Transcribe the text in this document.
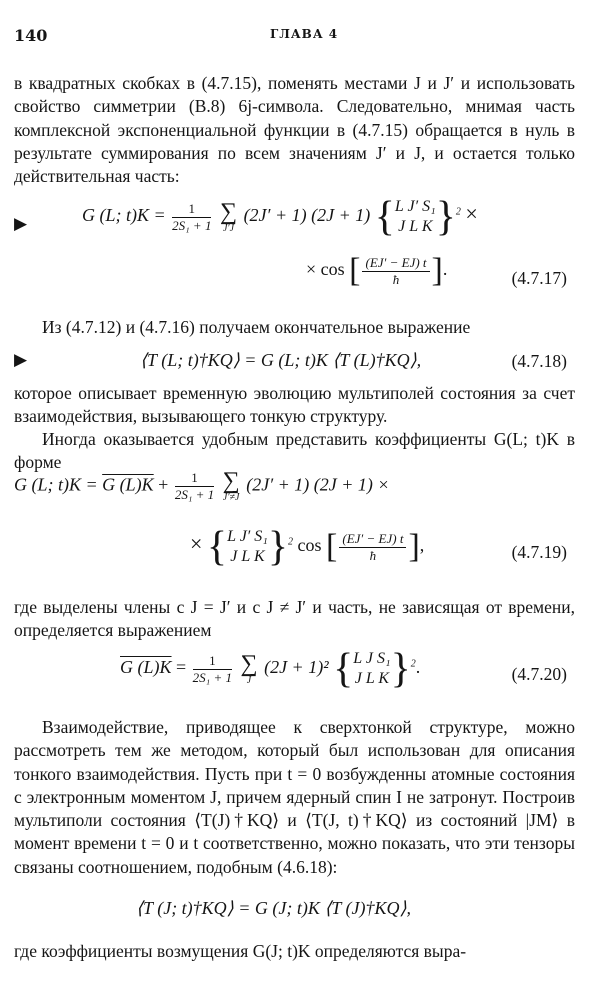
140	ГЛАВА 4

в квадратных скобках в (4.7.15), поменять местами J и J′ и использовать свойство симметрии (В.8) 6j-символа. Следовательно, мнимая часть комплексной экспоненциальной функции в (4.7.15) обращается в нуль в результате суммирования по всем значениям J′ и J, и остается только действительная часть:

▶	G (L; $t)K = \frac{1}{\text{2S₁ + 1}}$
∑
J′J
(2J′ + 1) (2J + 1) { L J′ S₁
J L K }$^2$ ×
× cos [ $\frac{(EJ' - EJ) t}{ħ}$ ].	(4.7.17)

Из (4.7.12) и (4.7.16) получаем окончательное выражение

▶	⟨T (L; t)†KQ⟩ = G (L; t)K ⟨T (L)†KQ⟩,	(4.7.18)

которое описывает временную эволюцию мультиполей состояния за счет взаимодействия, вызывающего тонкую структуру.

Иногда оказывается удобным представить коэффициенты G(L; t)K в форме

G (L; t)K = G $(L)K + \frac{1}{\text{2S₁ + 1}}$
∑
J′≠J
(2J′ + 1) (2J + 1) ×
× { L J′ S₁
J L K }$^2$ cos [ $\frac{(EJ' - EJ) t}{ħ}$ ],	(4.7.19)

где выделены члены с J = J′ и с J ≠ J′ и часть, не зависящая от времени, определяется выражением

G $(L)K = \frac{1}{\text{2S₁ + 1}}$
∑
J
(2J + 1)² { L J S₁
J L K }$^2$.	(4.7.20)

Взаимодействие, приводящее к сверхтонкой структуре, можно рассмотреть тем же методом, который был использован для описания тонкого взаимодействия. Пусть при t = 0 возбужденны атомные состояния с электронным моментом J, причем ядерный спин I не затронут. Построив мультиполи состояния ⟨T(J)†KQ⟩ и ⟨T(J, t)†KQ⟩ из состояний |JM⟩ в момент времени t = 0 и t соответственно, можно показать, что эти тензоры связаны соотношением, подобным (4.6.18):

⟨T (J; t)†KQ⟩ = G (J; t)K ⟨T (J)†KQ⟩,

где коэффициенты возмущения G(J; t)K определяются выра-
